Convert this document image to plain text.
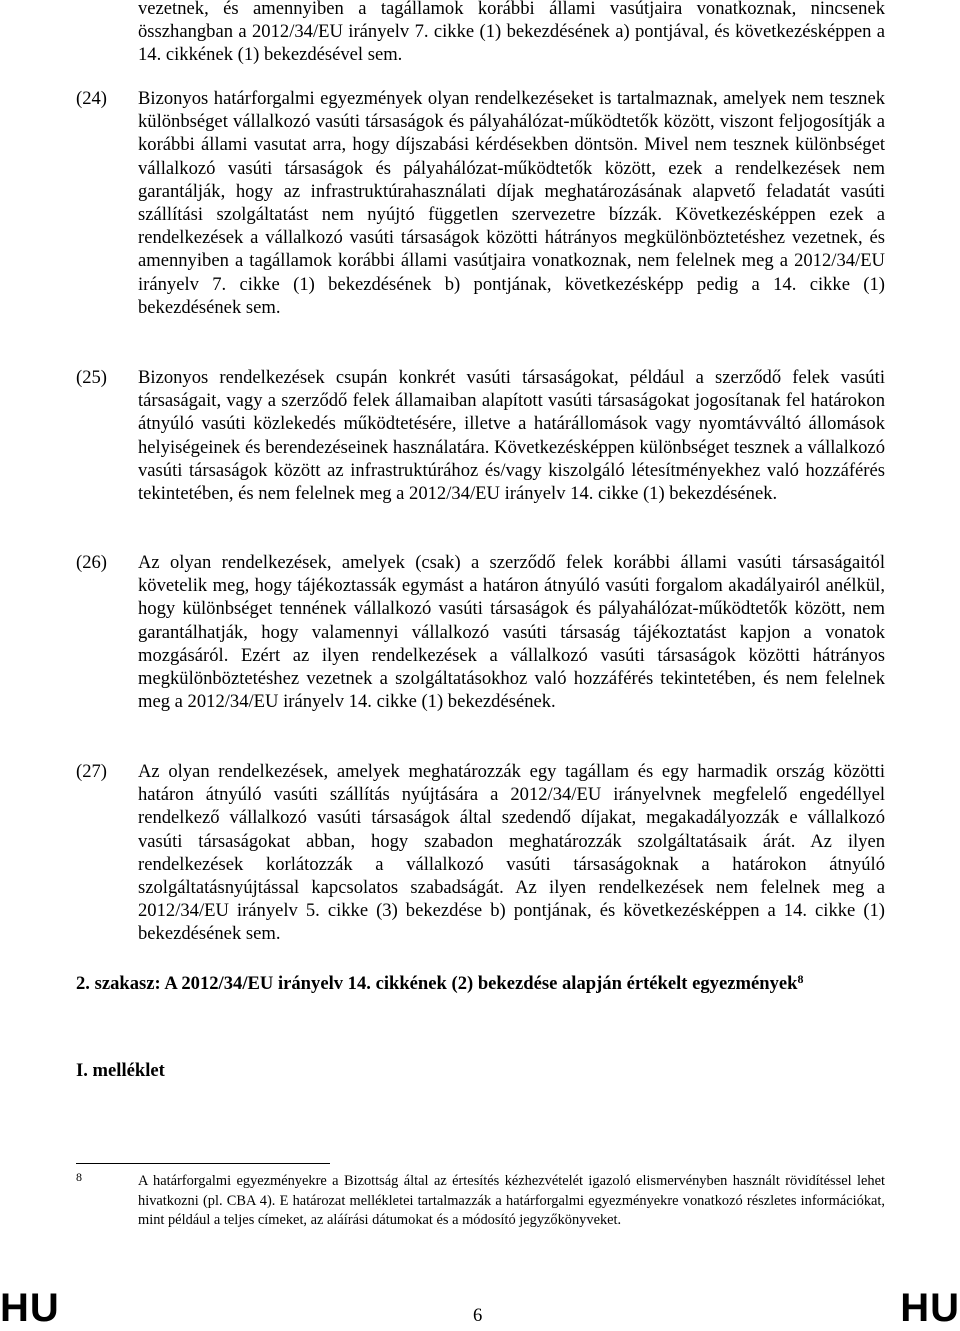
vezetnek, és amennyiben a tagállamok korábbi állami vasútjaira vonatkoznak, nincsenek összhangban a 2012/34/EU irányelv 7. cikke (1) bekezdésének a) pontjával, és következésképpen a 14. cikkének (1) bekezdésével sem.
(24) Bizonyos határforgalmi egyezmények olyan rendelkezéseket is tartalmaznak, amelyek nem tesznek különbséget vállalkozó vasúti társaságok és pályahálózat-működtetők között, viszont feljogosítják a korábbi állami vasutat arra, hogy díjszabási kérdésekben döntsön. Mivel nem tesznek különbséget vállalkozó vasúti társaságok és pályahálózat-működtetők között, ezek a rendelkezések nem garantálják, hogy az infrastruktúrahasználati díjak meghatározásának alapvető feladatát vasúti szállítási szolgáltatást nem nyújtó független szervezetre bízzák. Következésképpen ezek a rendelkezések a vállalkozó vasúti társaságok közötti hátrányos megkülönböztetéshez vezetnek, és amennyiben a tagállamok korábbi állami vasútjaira vonatkoznak, nem felelnek meg a 2012/34/EU irányelv 7. cikke (1) bekezdésének b) pontjának, következésképp pedig a 14. cikke (1) bekezdésének sem.
(25) Bizonyos rendelkezések csupán konkrét vasúti társaságokat, például a szerződő felek vasúti társaságait, vagy a szerződő felek államaiban alapított vasúti társaságokat jogosítanak fel határokon átnyúló vasúti közlekedés működtetésére, illetve a határállomások vagy nyomtávváltó állomások helyiségeinek és berendezéseinek használatára. Következésképpen különbséget tesznek a vállalkozó vasúti társaságok között az infrastruktúrához és/vagy kiszolgáló létesítményekhez való hozzáférés tekintetében, és nem felelnek meg a 2012/34/EU irányelv 14. cikke (1) bekezdésének.
(26) Az olyan rendelkezések, amelyek (csak) a szerződő felek korábbi állami vasúti társaságaitól követelik meg, hogy tájékoztassák egymást a határon átnyúló vasúti forgalom akadályairól anélkül, hogy különbséget tennének vállalkozó vasúti társaságok és pályahálózat-működtetők között, nem garantálhatják, hogy valamennyi vállalkozó vasúti társaság tájékoztatást kapjon a vonatok mozgásáról. Ezért az ilyen rendelkezések a vállalkozó vasúti társaságok közötti hátrányos megkülönböztetéshez vezetnek a szolgáltatásokhoz való hozzáférés tekintetében, és nem felelnek meg a 2012/34/EU irányelv 14. cikke (1) bekezdésének.
(27) Az olyan rendelkezések, amelyek meghatározzák egy tagállam és egy harmadik ország közötti határon átnyúló vasúti szállítás nyújtására a 2012/34/EU irányelvnek megfelelő engedéllyel rendelkező vállalkozó vasúti társaságok által szedendő díjakat, megakadályozzák e vállalkozó vasúti társaságokat abban, hogy szabadon meghatározzák szolgáltatásaik árát. Az ilyen rendelkezések korlátozzák a vállalkozó vasúti társaságoknak a határokon átnyúló szolgáltatásnyújtással kapcsolatos szabadságát. Az ilyen rendelkezések nem felelnek meg a 2012/34/EU irányelv 5. cikke (3) bekezdése b) pontjának, és következésképpen a 14. cikke (1) bekezdésének sem.
2. szakasz: A 2012/34/EU irányelv 14. cikkének (2) bekezdése alapján értékelt egyezmények$^8$
I. melléklet
8	A határforgalmi egyezményekre a Bizottság által az értesítés kézhezvételét igazoló elismervényben használt rövidítéssel lehet hivatkozni (pl. CBA 4). E határozat mellékletei tartalmazzák a határforgalmi egyezményekre vonatkozó részletes információkat, mint például a teljes címeket, az aláírási dátumokat és a módosító jegyzőkönyveket.
HU	6	HU
